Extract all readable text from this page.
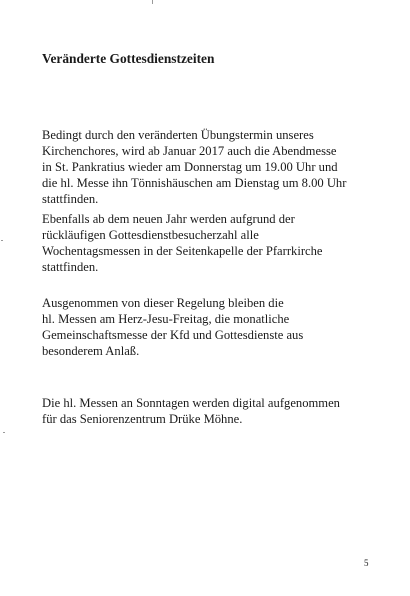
Veränderte Gottesdienstzeiten
Bedingt durch den veränderten Übungstermin unseres
Kirchenchores, wird ab Januar 2017 auch die Abendmesse
in St. Pankratius wieder am Donnerstag um 19.00 Uhr und
die hl. Messe ihn Tönnishäuschen am Dienstag um 8.00 Uhr
stattfinden.
Ebenfalls ab dem neuen Jahr werden aufgrund der
rückläufigen Gottesdienstbesucherzahl alle
Wochentagsmessen in der Seitenkapelle der Pfarrkirche
stattfinden.
Ausgenommen von dieser Regelung bleiben die
hl. Messen am Herz-Jesu-Freitag, die monatliche
Gemeinschaftsmesse der Kfd und Gottesdienste aus
besonderem Anlaß.
Die hl. Messen an Sonntagen werden digital aufgenommen
für das Seniorenzentrum Drüke Möhne.
5
